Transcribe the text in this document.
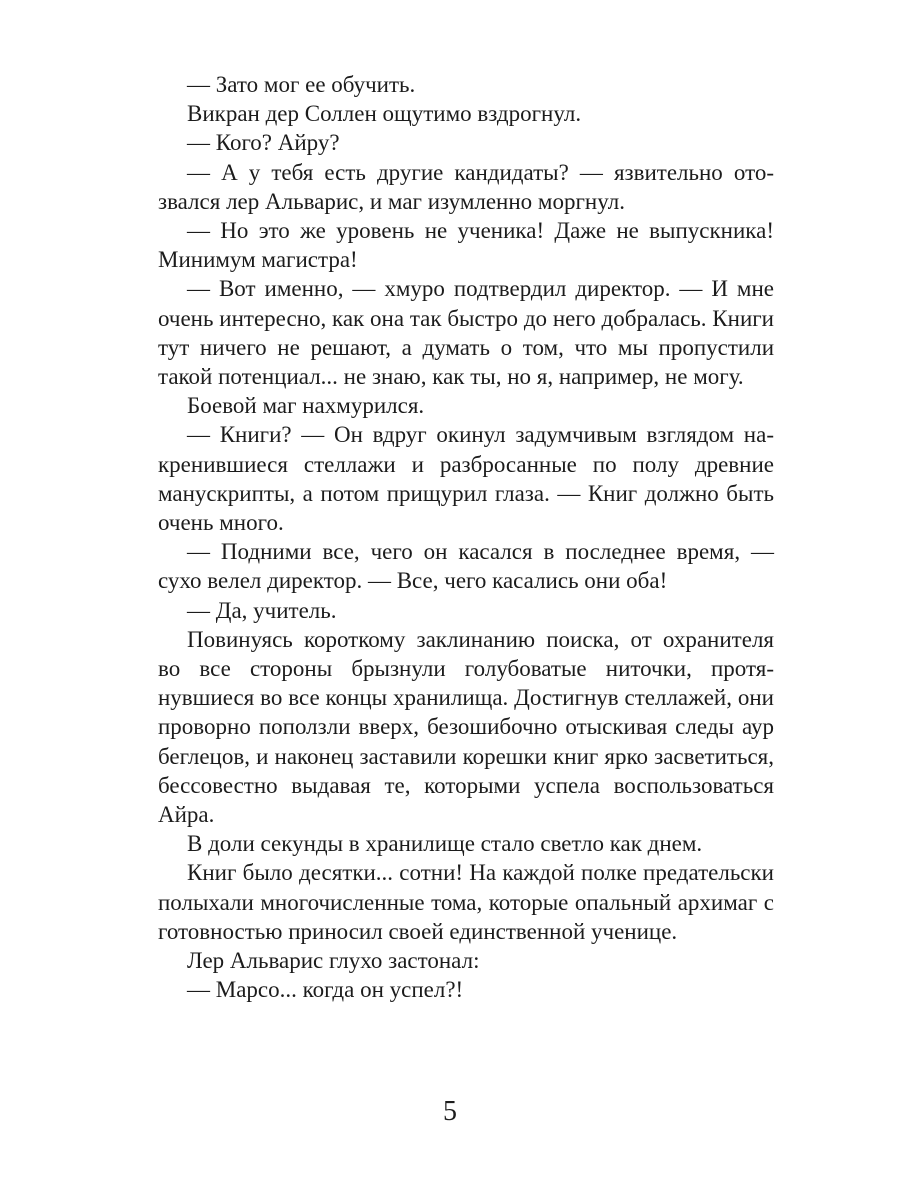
— Зато мог ее обучить.

Викран дер Соллен ощутимо вздрогнул.

— Кого? Айру?

— А у тебя есть другие кандидаты? — язвительно отозвался лер Альварис, и маг изумленно моргнул.

— Но это же уровень не ученика! Даже не выпускника! Минимум магистра!

— Вот именно, — хмуро подтвердил директор. — И мне очень интересно, как она так быстро до него добралась. Книги тут ничего не решают, а думать о том, что мы пропустили такой потенциал... не знаю, как ты, но я, например, не могу.

Боевой маг нахмурился.

— Книги? — Он вдруг окинул задумчивым взглядом накренившиеся стеллажи и разбросанные по полу древние манускрипты, а потом прищурил глаза. — Книг должно быть очень много.

— Подними все, чего он касался в последнее время, — сухо велел директор. — Все, чего касались они оба!

— Да, учитель.

Повинуясь короткому заклинанию поиска, от охранителя во все стороны брызнули голубоватые ниточки, протянувшиеся во все концы хранилища. Достигнув стеллажей, они проворно поползли вверх, безошибочно отыскивая следы аур беглецов, и наконец заставили корешки книг ярко засветиться, бессовестно выдавая те, которыми успела воспользоваться Айра.

В доли секунды в хранилище стало светло как днем.

Книг было десятки... сотни! На каждой полке предательски полыхали многочисленные тома, которые опальный архимаг с готовностью приносил своей единственной ученице.

Лер Альварис глухо застонал:

— Марсо... когда он успел?!

5
